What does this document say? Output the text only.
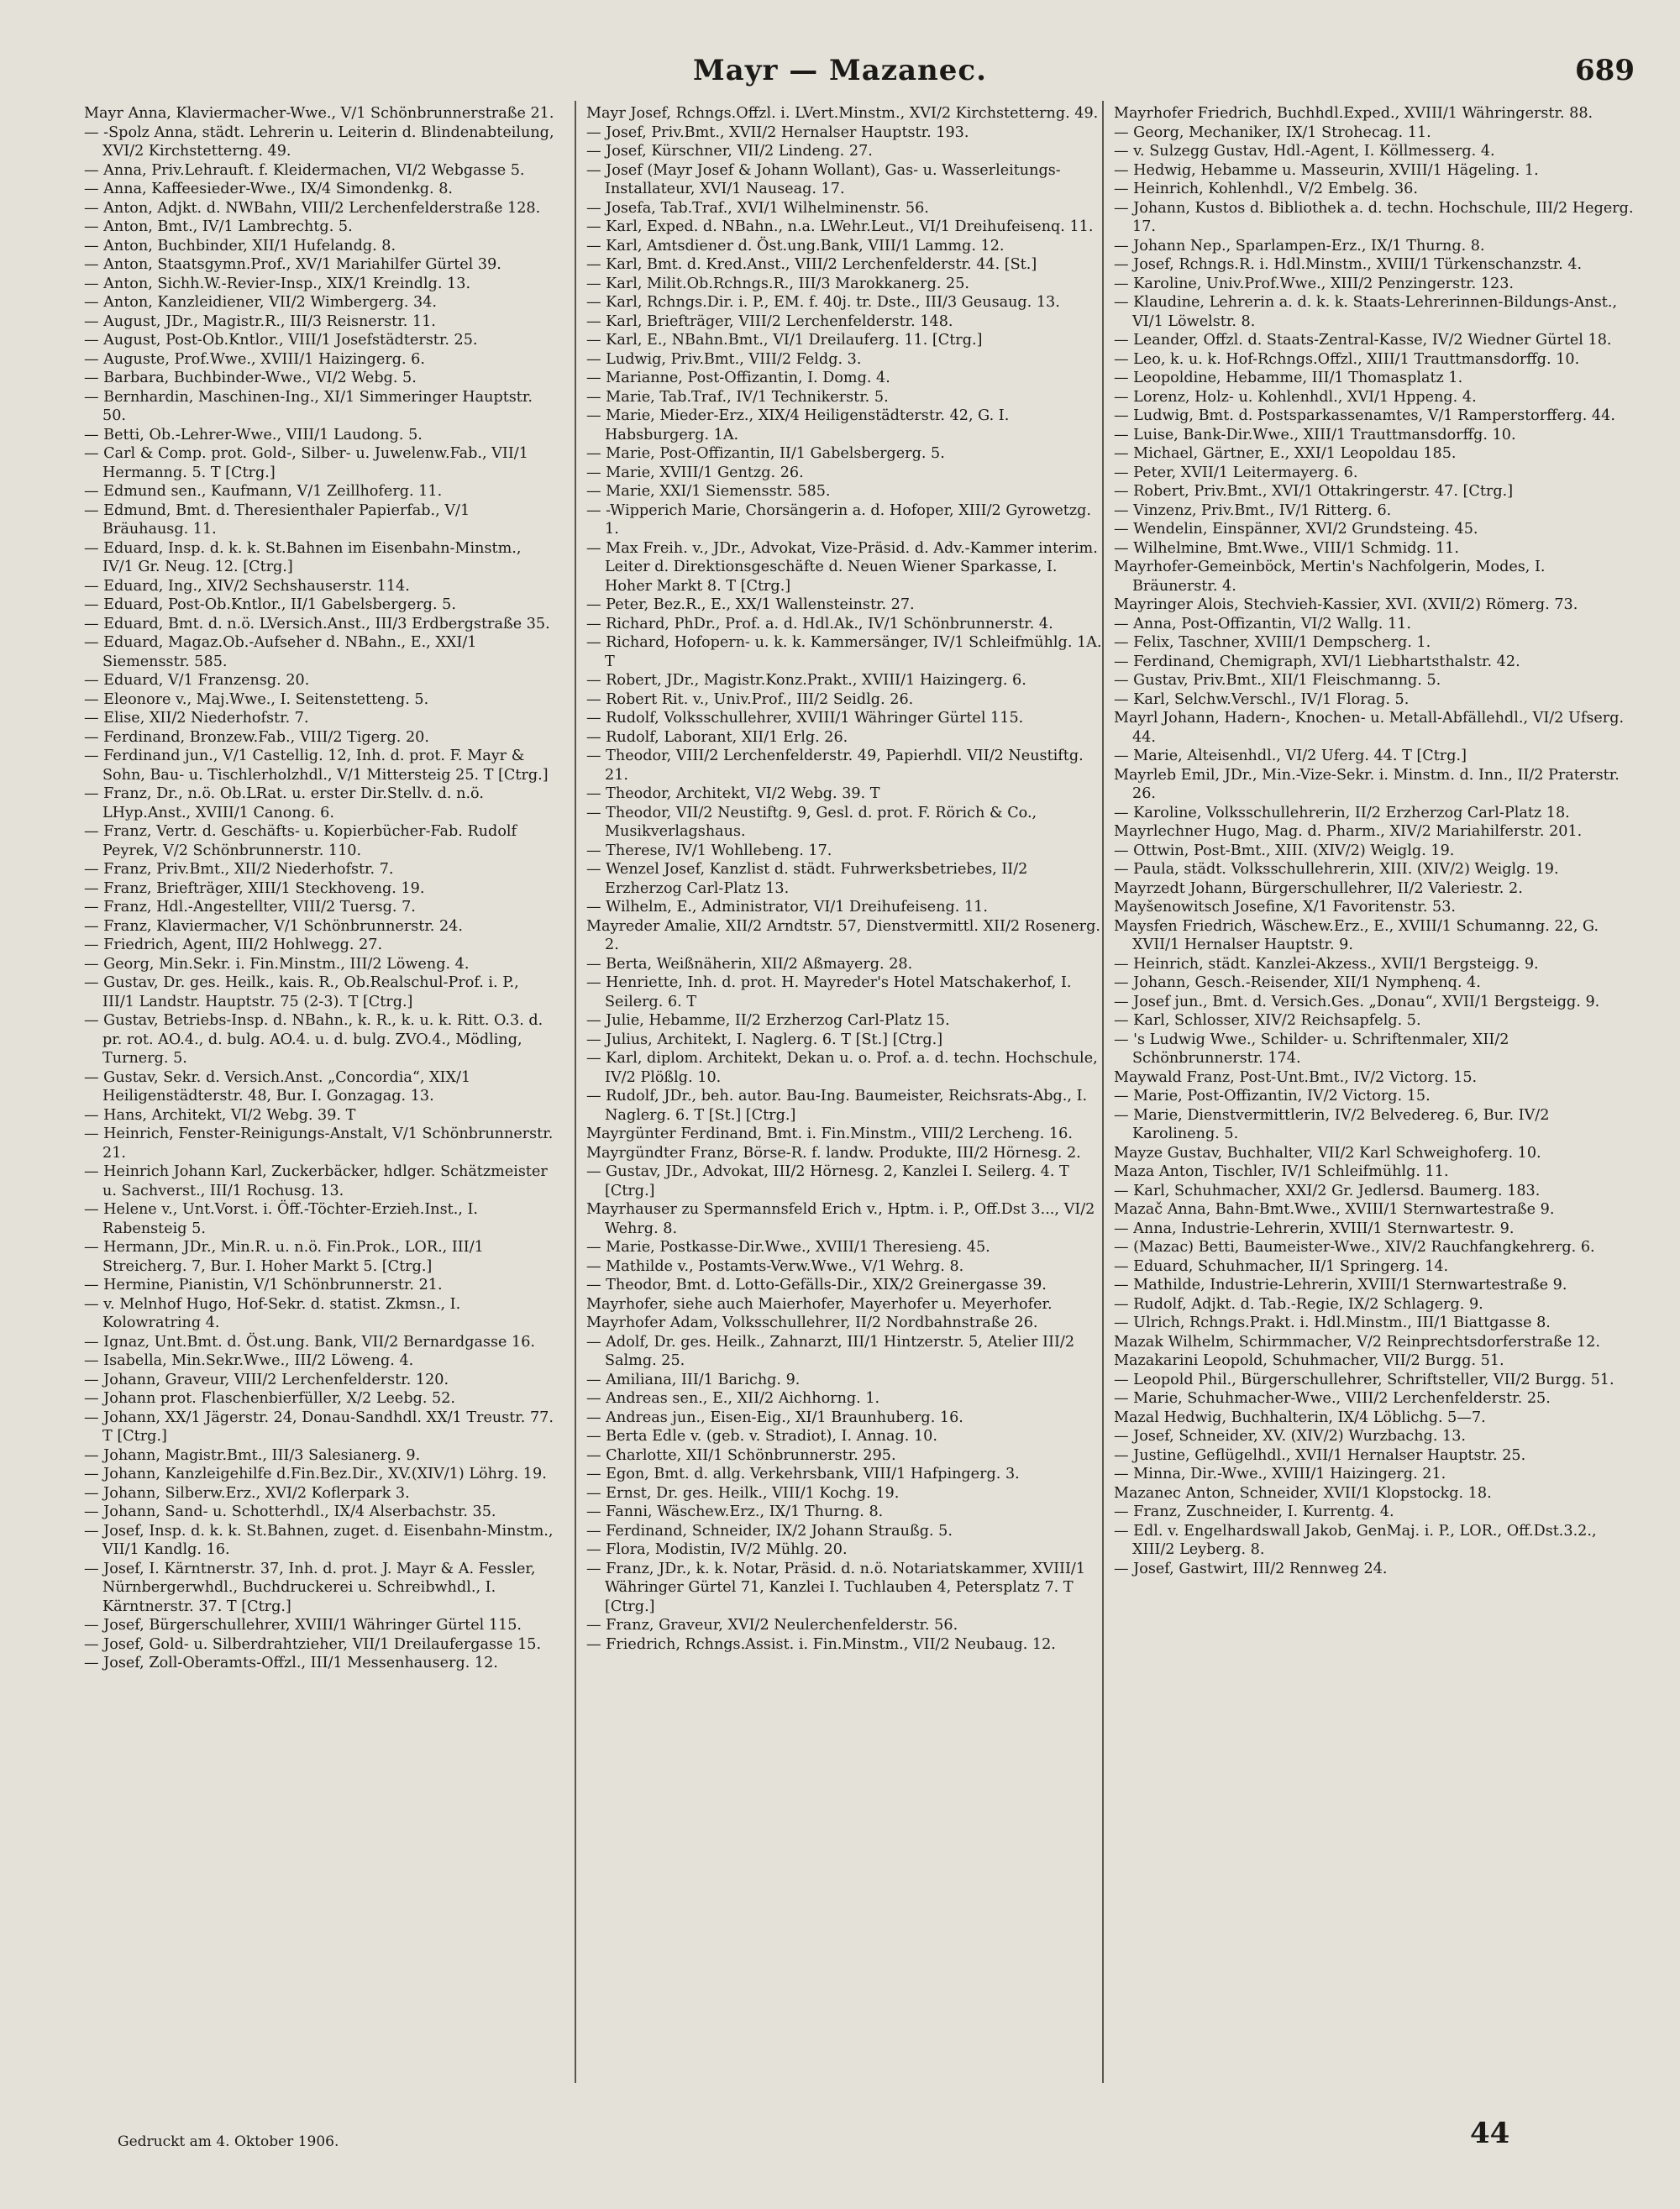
Mayr — Mazanec.	689
Mayr Anna, Klaviermacher-Wwe., V/1 Schönbrunnerstraße 21.
— -Spolz Anna, städt. Lehrerin u. Leiterin d. Blindenabteilung, XVI/2 Kirchstetterng. 49.
— Anna, Priv.Lehrauft. f. Kleidermachen, VI/2 Webgasse 5.
— Anna, Kaffeesieder-Wwe., IX/4 Simondenkg. 8.
— Anton, Adjkt. d. NWBahn, VIII/2 Lerchenfelderstraße 128.
— Anton, Bmt., IV/1 Lambrechtg. 5.
— Anton, Buchbinder, XII/1 Hufelandg. 8.
— Anton, Staatsgymn.Prof., XV/1 Mariahilfer Gürtel 39.
— Anton, Sichh.W.-Revier-Insp., XIX/1 Kreindlg. 13.
— Anton, Kanzleidiener, VII/2 Wimbergerg. 34.
— August, JDr., Magistr.R., III/3 Reisnerstr. 11.
— August, Post-Ob.Kntlor., VIII/1 Josefstädterstr. 25.
— Auguste, Prof.Wwe., XVIII/1 Haizingerg. 6.
— Barbara, Buchbinder-Wwe., VI/2 Webg. 5.
— Bernhardin, Maschinen-Ing., XI/1 Simmeringer Hauptstr. 50.
— Betti, Ob.-Lehrer-Wwe., VIII/1 Laudong. 5.
— Carl & Comp. prot. Gold-, Silber- u. Juwelenw.Fab., VII/1 Hermanng. 5. T [Ctrg.]
— Edmund sen., Kaufmann, V/1 Zeillhoferg. 11.
— Edmund, Bmt. d. Theresienthaler Papierfab., V/1 Bräuhausg. 11.
— Eduard, Insp. d. k. k. St.Bahnen im Eisenbahn-Minstm., IV/1 Gr. Neug. 12. [Ctrg.]
— Eduard, Ing., XIV/2 Sechshauserstr. 114.
— Eduard, Post-Ob.Kntlor., II/1 Gabelsbergerg. 5.
— Eduard, Bmt. d. n.ö. LVersich.Anst., III/3 Erdbergstraße 35.
— Eduard, Magaz.Ob.-Aufseher d. NBahn., E., XXI/1 Siemensstr. 585.
— Eduard, V/1 Franzensg. 20.
— Eleonore v., Maj.Wwe., I. Seitenstetteng. 5.
— Elise, XII/2 Niederhofstr. 7.
— Ferdinand, Bronzew.Fab., VIII/2 Tigerg. 20.
— Ferdinand jun., V/1 Castellig. 12, Inh. d. prot. F. Mayr & Sohn, Bau- u. Tischlerholzhdl., V/1 Mittersteig 25. T [Ctrg.]
— Franz, Dr., n.ö. Ob.LRat. u. erster Dir.Stellv. d. n.ö. LHyp.Anst., XVIII/1 Canong. 6.
— Franz, Vertr. d. Geschäfts- u. Kopierbücher-Fab. Rudolf Peyrek, V/2 Schönbrunnerstr. 110.
— Franz, Priv.Bmt., XII/2 Niederhofstr. 7.
— Franz, Briefträger, XIII/1 Steckhoveng. 19.
— Franz, Hdl.-Angestellter, VIII/2 Tuersg. 7.
— Franz, Klaviermacher, V/1 Schönbrunnerstr. 24.
— Friedrich, Agent, III/2 Hohlwegg. 27.
— Georg, Min.Sekr. i. Fin.Minstm., III/2 Löweng. 4.
— Gustav, Dr. ges. Heilk., kais. R., Ob.Realschul-Prof. i. P., III/1 Landstr. Hauptstr. 75 (2-3). T [Ctrg.]
— Gustav, Betriebs-Insp. d. NBahn., k. R., k. u. k. Ritt. O.3. d. pr. rot. AO.4., d. bulg. AO.4. u. d. bulg. ZVO.4., Mödling, Turnerg. 5.
— Gustav, Sekr. d. Versich.Anst. „Concordia“, XIX/1 Heiligenstädterstr. 48, Bur. I. Gonzagag. 13.
— Hans, Architekt, VI/2 Webg. 39. T
— Heinrich, Fenster-Reinigungs-Anstalt, V/1 Schönbrunnerstr. 21.
— Heinrich Johann Karl, Zuckerbäcker, hdlger. Schätzmeister u. Sachverst., III/1 Rochusg. 13.
— Helene v., Unt.Vorst. i. Öff.-Töchter-Erzieh.Inst., I. Rabensteig 5.
— Hermann, JDr., Min.R. u. n.ö. Fin.Prok., LOR., III/1 Streicherg. 7, Bur. I. Hoher Markt 5. [Ctrg.]
— Hermine, Pianistin, V/1 Schönbrunnerstr. 21.
— v. Melnhof Hugo, Hof-Sekr. d. statist. Zkmsn., I. Kolowratring 4.
— Ignaz, Unt.Bmt. d. Öst.ung. Bank, VII/2 Bernardgasse 16.
— Isabella, Min.Sekr.Wwe., III/2 Löweng. 4.
— Johann, Graveur, VIII/2 Lerchenfelderstr. 120.
— Johann prot. Flaschenbierfüller, X/2 Leebg. 52.
— Johann, XX/1 Jägerstr. 24, Donau-Sandhdl. XX/1 Treustr. 77. T [Ctrg.]
— Johann, Magistr.Bmt., III/3 Salesianerg. 9.
— Johann, Kanzleigehilfe d.Fin.Bez.Dir., XV.(XIV/1) Löhrg. 19.
— Johann, Silberw.Erz., XVI/2 Koflerpark 3.
— Johann, Sand- u. Schotterhdl., IX/4 Alserbachstr. 35.
— Josef, Insp. d. k. k. St.Bahnen, zuget. d. Eisenbahn-Minstm., VII/1 Kandlg. 16.
— Josef, I. Kärntnerstr. 37, Inh. d. prot. J. Mayr & A. Fessler, Nürnbergerwhdl., Buchdruckerei u. Schreibwhdl., I. Kärntnerstr. 37. T [Ctrg.]
— Josef, Bürgerschullehrer, XVIII/1 Währinger Gürtel 115.
— Josef, Gold- u. Silberdrahtzieher, VII/1 Dreilaufergasse 15.
— Josef, Zoll-Oberamts-Offzl., III/1 Messenhauserg. 12.
Mayr Josef, Rchngs.Offzl. i. LVert.Minstm., XVI/2 Kirchstetterng. 49.
— Josef, Priv.Bmt., XVII/2 Hernalser Hauptstr. 193.
— Josef, Kürschner, VII/2 Lindeng. 27.
— Josef (Mayr Josef & Johann Wollant), Gas- u. Wasserleitungs-Installateur, XVI/1 Nauseag. 17.
— Josefa, Tab.Traf., XVI/1 Wilhelminenstr. 56.
— Karl, Exped. d. NBahn., n.a. LWehr.Leut., VI/1 Dreihufeisenq. 11.
— Karl, Amtsdiener d. Öst.ung.Bank, VIII/1 Lammg. 12.
— Karl, Bmt. d. Kred.Anst., VIII/2 Lerchenfelderstr. 44. [St.]
— Karl, Milit.Ob.Rchngs.R., III/3 Marokkanerg. 25.
— Karl, Rchngs.Dir. i. P., EM. f. 40j. tr. Dste., III/3 Geusaug. 13.
— Karl, Briefträger, VIII/2 Lerchenfelderstr. 148.
— Karl, E., NBahn.Bmt., VI/1 Dreilauferg. 11. [Ctrg.]
— Ludwig, Priv.Bmt., VIII/2 Feldg. 3.
— Marianne, Post-Offizantin, I. Domg. 4.
— Marie, Tab.Traf., IV/1 Technikerstr. 5.
— Marie, Mieder-Erz., XIX/4 Heiligenstädterstr. 42, G. I. Habsburgerg. 1A.
— Marie, Post-Offizantin, II/1 Gabelsbergerg. 5.
— Marie, XVIII/1 Gentzg. 26.
— Marie, XXI/1 Siemensstr. 585.
— -Wipperich Marie, Chorsängerin a. d. Hofoper, XIII/2 Gyrowetzg. 1.
— Max Freih. v., JDr., Advokat, Vize-Präsid. d. Adv.-Kammer interim. Leiter d. Direktionsgeschäfte d. Neuen Wiener Sparkasse, I. Hoher Markt 8. T [Ctrg.]
— Peter, Bez.R., E., XX/1 Wallensteinstr. 27.
— Richard, PhDr., Prof. a. d. Hdl.Ak., IV/1 Schönbrunnerstr. 4.
— Richard, Hofopern- u. k. k. Kammersänger, IV/1 Schleifmühlg. 1A. T
— Robert, JDr., Magistr.Konz.Prakt., XVIII/1 Haizingerg. 6.
— Robert Rit. v., Univ.Prof., III/2 Seidlg. 26.
— Rudolf, Volksschullehrer, XVIII/1 Währinger Gürtel 115.
— Rudolf, Laborant, XII/1 Erlg. 26.
— Theodor, VIII/2 Lerchenfelderstr. 49, Papierhdl. VII/2 Neustiftg. 21.
— Theodor, Architekt, VI/2 Webg. 39. T
— Theodor, VII/2 Neustiftg. 9, Gesl. d. prot. F. Rörich & Co., Musikverlagshaus.
— Therese, IV/1 Wohllebeng. 17.
— Wenzel Josef, Kanzlist d. städt. Fuhrwerksbetriebes, II/2 Erzherzog Carl-Platz 13.
— Wilhelm, E., Administrator, VI/1 Dreihufeiseng. 11.
Mayreder Amalie, XII/2 Arndtstr. 57, Dienstvermittl. XII/2 Rosenerg. 2.
— Berta, Weißnäherin, XII/2 Aßmayerg. 28.
— Henriette, Inh. d. prot. H. Mayreder's Hotel Matschakerhof, I. Seilerg. 6. T
— Julie, Hebamme, II/2 Erzherzog Carl-Platz 15.
— Julius, Architekt, I. Naglerg. 6. T [St.] [Ctrg.]
— Karl, diplom. Architekt, Dekan u. o. Prof. a. d. techn. Hochschule, IV/2 Plößlg. 10.
— Rudolf, JDr., beh. autor. Bau-Ing. Baumeister, Reichsrats-Abg., I. Naglerg. 6. T [St.] [Ctrg.]
Mayrgünter Ferdinand, Bmt. i. Fin.Minstm., VIII/2 Lercheng. 16.
Mayrgündter Franz, Börse-R. f. landw. Produkte, III/2 Hörnesg. 2.
— Gustav, JDr., Advokat, III/2 Hörnesg. 2, Kanzlei I. Seilerg. 4. T [Ctrg.]
Mayrhauser zu Spermannsfeld Erich v., Hptm. i. P., Off.Dst 3..., VI/2 Wehrg. 8.
— Marie, Postkasse-Dir.Wwe., XVIII/1 Theresieng. 45.
— Mathilde v., Postamts-Verw.Wwe., V/1 Wehrg. 8.
— Theodor, Bmt. d. Lotto-Gefälls-Dir., XIX/2 Greinergasse 39.
Mayrhofer, siehe auch Maierhofer, Mayerhofer u. Meyerhofer.
Mayrhofer Adam, Volksschullehrer, II/2 Nordbahnstraße 26.
— Adolf, Dr. ges. Heilk., Zahnarzt, III/1 Hintzerstr. 5, Atelier III/2 Salmg. 25.
— Amiliana, III/1 Barichg. 9.
— Andreas sen., E., XII/2 Aichhorng. 1.
— Andreas jun., Eisen-Eig., XI/1 Braunhuberg. 16.
— Berta Edle v. (geb. v. Stradiot), I. Annag. 10.
— Charlotte, XII/1 Schönbrunnerstr. 295.
— Egon, Bmt. d. allg. Verkehrsbank, VIII/1 Hafpingerg. 3.
— Ernst, Dr. ges. Heilk., VIII/1 Kochg. 19.
— Fanni, Wäschew.Erz., IX/1 Thurng. 8.
— Ferdinand, Schneider, IX/2 Johann Straußg. 5.
— Flora, Modistin, IV/2 Mühlg. 20.
— Franz, JDr., k. k. Notar, Präsid. d. n.ö. Notariatskammer, XVIII/1 Währinger Gürtel 71, Kanzlei I. Tuchlauben 4, Petersplatz 7. T [Ctrg.]
— Franz, Graveur, XVI/2 Neulerchenfelderstr. 56.
— Friedrich, Rchngs.Assist. i. Fin.Minstm., VII/2 Neubaug. 12.
Mayrhofer Friedrich, Buchhdl.Exped., XVIII/1 Währingerstr. 88.
— Georg, Mechaniker, IX/1 Strohecag. 11.
— v. Sulzegg Gustav, Hdl.-Agent, I. Köllmesserg. 4.
— Hedwig, Hebamme u. Masseurin, XVIII/1 Hägeling. 1.
— Heinrich, Kohlenhdl., V/2 Embelg. 36.
— Johann, Kustos d. Bibliothek a. d. techn. Hochschule, III/2 Hegerg. 17.
— Johann Nep., Sparlampen-Erz., IX/1 Thurng. 8.
— Josef, Rchngs.R. i. Hdl.Minstm., XVIII/1 Türkenschanzstr. 4.
— Karoline, Univ.Prof.Wwe., XIII/2 Penzingerstr. 123.
— Klaudine, Lehrerin a. d. k. k. Staats-Lehrerinnen-Bildungs-Anst., VI/1 Löwelstr. 8.
— Leander, Offzl. d. Staats-Zentral-Kasse, IV/2 Wiedner Gürtel 18.
— Leo, k. u. k. Hof-Rchngs.Offzl., XIII/1 Trauttmansdorffg. 10.
— Leopoldine, Hebamme, III/1 Thomasplatz 1.
— Lorenz, Holz- u. Kohlenhdl., XVI/1 Hppeng. 4.
— Ludwig, Bmt. d. Postsparkassenamtes, V/1 Ramperstorfferg. 44.
— Luise, Bank-Dir.Wwe., XIII/1 Trauttmansdorffg. 10.
— Michael, Gärtner, E., XXI/1 Leopoldau 185.
— Peter, XVII/1 Leitermayerg. 6.
— Robert, Priv.Bmt., XVI/1 Ottakringerstr. 47. [Ctrg.]
— Vinzenz, Priv.Bmt., IV/1 Ritterg. 6.
— Wendelin, Einspänner, XVI/2 Grundsteing. 45.
— Wilhelmine, Bmt.Wwe., VIII/1 Schmidg. 11.
Mayrhofer-Gemeinböck, Mertin's Nachfolgerin, Modes, I. Bräunerstr. 4.
Mayringer Alois, Stechvieh-Kassier, XVI. (XVII/2) Römerg. 73.
— Anna, Post-Offizantin, VI/2 Wallg. 11.
— Felix, Taschner, XVIII/1 Dempscherg. 1.
— Ferdinand, Chemigraph, XVI/1 Liebhartsthalstr. 42.
— Gustav, Priv.Bmt., XII/1 Fleischmanng. 5.
— Karl, Selchw.Verschl., IV/1 Florag. 5.
Mayrl Johann, Hadern-, Knochen- u. Metall-Abfällehdl., VI/2 Ufserg. 44.
— Marie, Alteisenhdl., VI/2 Uferg. 44. T [Ctrg.]
Mayrleb Emil, JDr., Min.-Vize-Sekr. i. Minstm. d. Inn., II/2 Praterstr. 26.
— Karoline, Volksschullehrerin, II/2 Erzherzog Carl-Platz 18.
Mayrlechner Hugo, Mag. d. Pharm., XIV/2 Mariahilferstr. 201.
— Ottwin, Post-Bmt., XIII. (XIV/2) Weiglg. 19.
— Paula, städt. Volksschullehrerin, XIII. (XIV/2) Weiglg. 19.
Mayrzedt Johann, Bürgerschullehrer, II/2 Valeriestr. 2.
Mayšenowitsch Josefine, X/1 Favoritenstr. 53.
Maysfen Friedrich, Wäschew.Erz., E., XVIII/1 Schumanng. 22, G. XVII/1 Hernalser Hauptstr. 9.
— Heinrich, städt. Kanzlei-Akzess., XVII/1 Bergsteigg. 9.
— Johann, Gesch.-Reisender, XII/1 Nymphenq. 4.
— Josef jun., Bmt. d. Versich.Ges. „Donau“, XVII/1 Bergsteigg. 9.
— Karl, Schlosser, XIV/2 Reichsapfelg. 5.
— 's Ludwig Wwe., Schilder- u. Schriftenmaler, XII/2 Schönbrunnerstr. 174.
Maywald Franz, Post-Unt.Bmt., IV/2 Victorg. 15.
— Marie, Post-Offizantin, IV/2 Victorg. 15.
— Marie, Dienstvermittlerin, IV/2 Belvedereg. 6, Bur. IV/2 Karolineng. 5.
Mayze Gustav, Buchhalter, VII/2 Karl Schweighoferg. 10.
Maza Anton, Tischler, IV/1 Schleifmühlg. 11.
— Karl, Schuhmacher, XXI/2 Gr. Jedlersd. Baumerg. 183.
Mazač Anna, Bahn-Bmt.Wwe., XVIII/1 Sternwartestraße 9.
— Anna, Industrie-Lehrerin, XVIII/1 Sternwartestr. 9.
— (Mazac) Betti, Baumeister-Wwe., XIV/2 Rauchfangkehrerg. 6.
— Eduard, Schuhmacher, II/1 Springerg. 14.
— Mathilde, Industrie-Lehrerin, XVIII/1 Sternwartestraße 9.
— Rudolf, Adjkt. d. Tab.-Regie, IX/2 Schlagerg. 9.
— Ulrich, Rchngs.Prakt. i. Hdl.Minstm., III/1 Biattgasse 8.
Mazak Wilhelm, Schirmmacher, V/2 Reinprechtsdorferstraße 12.
Mazakarini Leopold, Schuhmacher, VII/2 Burgg. 51.
— Leopold Phil., Bürgerschullehrer, Schriftsteller, VII/2 Burgg. 51.
— Marie, Schuhmacher-Wwe., VIII/2 Lerchenfelderstr. 25.
Mazal Hedwig, Buchhalterin, IX/4 Löblichg. 5—7.
— Josef, Schneider, XV. (XIV/2) Wurzbachg. 13.
— Justine, Geflügelhdl., XVII/1 Hernalser Hauptstr. 25.
— Minna, Dir.-Wwe., XVIII/1 Haizingerg. 21.
Mazanec Anton, Schneider, XVII/1 Klopstockg. 18.
— Franz, Zuschneider, I. Kurrentg. 4.
— Edl. v. Engelhardswall Jakob, GenMaj. i. P., LOR., Off.Dst.3.2., XIII/2 Leyberg. 8.
— Josef, Gastwirt, III/2 Rennweg 24.
Gedruckt am 4. Oktober 1906.	44
